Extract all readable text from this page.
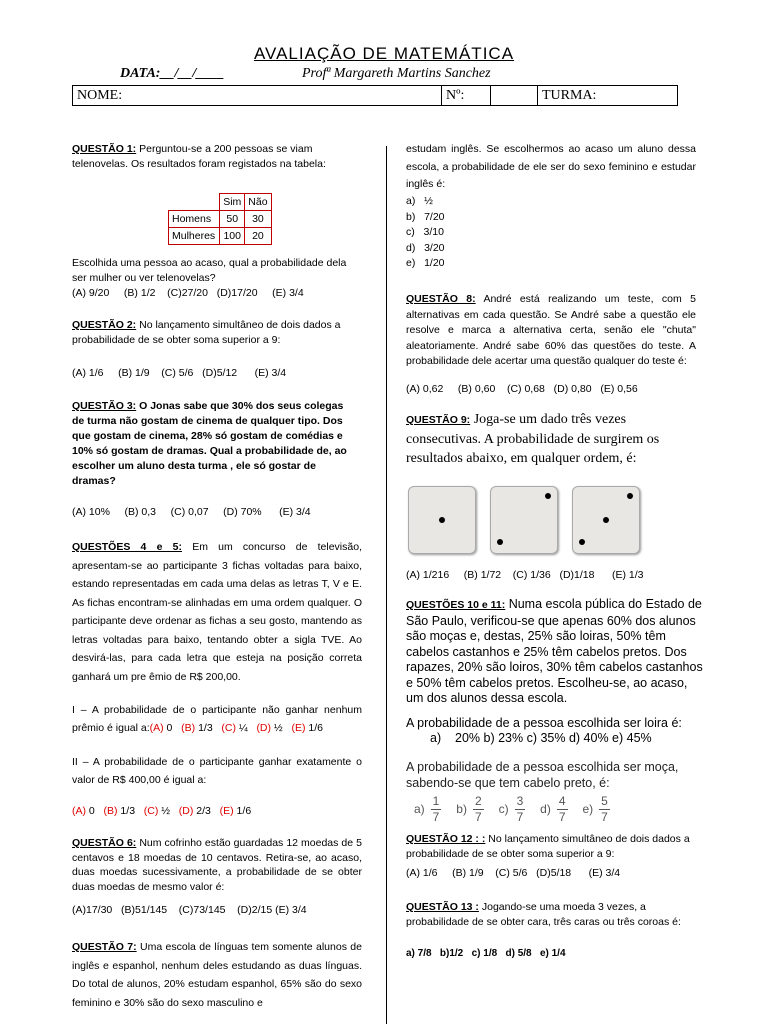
AVALIAÇÃO DE MATEMÁTICA
DATA:__/__/____	Profª Margareth Martins Sanchez
NOME:	Nº:		TURMA:
QUESTÃO 1: Perguntou-se a 200 pessoas se viam telenovelas. Os resultados foram registados na tabela:
	Sim	Não
Homens	50	30
Mulheres	100	20
Escolhida uma pessoa ao acaso, qual a probabilidade dela ser mulher ou ver telenovelas?
(A) 9/20     (B) 1/2    (C)27/20   (D)17/20     (E) 3/4
QUESTÃO 2: No lançamento simultâneo de dois dados a probabilidade de se obter soma superior a 9:
(A) 1/6     (B) 1/9    (C) 5/6   (D)5/12      (E) 3/4
QUESTÃO 3: O Jonas sabe que 30% dos seus colegas de turma não gostam de cinema de qualquer tipo. Dos que gostam de cinema, 28% só gostam de comédias e 10% só gostam de dramas. Qual a probabilidade de, ao escolher um aluno desta turma , ele só gostar de dramas?
(A) 10%     (B) 0,3     (C) 0,07     (D) 70%      (E) 3/4
QUESTÕES 4 e 5: Em um concurso de televisão, apresentam-se ao participante 3 fichas voltadas para baixo, estando representadas em cada uma delas as letras T, V e E. As fichas encontram-se alinhadas em uma ordem qualquer. O participante deve ordenar as fichas a seu gosto, mantendo as letras voltadas para baixo, tentando obter a sigla TVE. Ao desvirá-las, para cada letra que esteja na posição correta ganhará um pre êmio de R$ 200,00.
I – A probabilidade de o participante não ganhar nenhum prêmio é igual a:(A) 0   (B) 1/3   (C) ¼   (D) ½   (E) 1/6
II – A probabilidade de o participante ganhar exatamente o valor de R$ 400,00 é igual a:
(A) 0   (B) 1/3   (C) ½   (D) 2/3   (E) 1/6
QUESTÃO 6: Num cofrinho estão guardadas 12 moedas de 5 centavos e 18 moedas de 10 centavos. Retira-se, ao acaso, duas moedas sucessivamente, a probabilidade de se obter duas moedas de mesmo valor é:
(A)17/30   (B)51/145    (C)73/145    (D)2/15 (E) 3/4
QUESTÃO 7: Uma escola de línguas tem somente alunos de inglês e espanhol, nenhum deles estudando as duas línguas. Do total de alunos, 20% estudam espanhol, 65% são do sexo feminino e 30% são do sexo masculino e
estudam inglês. Se escolhermos ao acaso um aluno dessa escola, a probabilidade de ele ser do sexo feminino e estudar inglês é:
a)   ½
b)   7/20
c)   3/10
d)   3/20
e)   1/20
QUESTÃO 8: André está realizando um teste, com 5 alternativas em cada questão. Se André sabe a questão ele resolve e marca a alternativa certa, senão ele "chuta" aleatoriamente. André sabe 60% das questões do teste. A probabilidade dele acertar uma questão qualquer do teste é:
(A) 0,62     (B) 0,60    (C) 0,68   (D) 0,80   (E) 0,56
QUESTÃO 9: Joga-se um dado três vezes consecutivas. A probabilidade de surgirem os resultados abaixo, em qualquer ordem, é:
(A) 1/216     (B) 1/72    (C) 1/36   (D)1/18      (E) 1/3
QUESTÕES 10 e 11: Numa escola pública do Estado de São Paulo, verificou-se que apenas 60% dos alunos são moças e, destas, 25% são loiras, 50% têm cabelos castanhos e 25% têm cabelos pretos. Dos rapazes, 20% são loiros, 30% têm cabelos castanhos e 50% têm cabelos pretos. Escolheu-se, ao acaso, um dos alunos dessa escola.
A probabilidade de a pessoa escolhida ser loira é:
a)    20% b) 23% c) 35% d) 40% e) 45%
A probabilidade de a pessoa escolhida ser moça, sabendo-se que tem cabelo preto, é:
$a) \frac{1}{7} b) \frac{2}{7} c) \frac{3}{7} d) \frac{4}{7} e) \frac{5}{7}$
QUESTÃO 12 : : No lançamento simultâneo de dois dados a probabilidade de se obter soma superior a 9:
(A) 1/6     (B) 1/9    (C) 5/6   (D)5/18      (E) 3/4
QUESTÃO 13 : Jogando-se uma moeda 3 vezes, a probabilidade de se obter cara, três caras ou três coroas é:
a) 7/8   b)1/2   c) 1/8   d) 5/8   e) 1/4
